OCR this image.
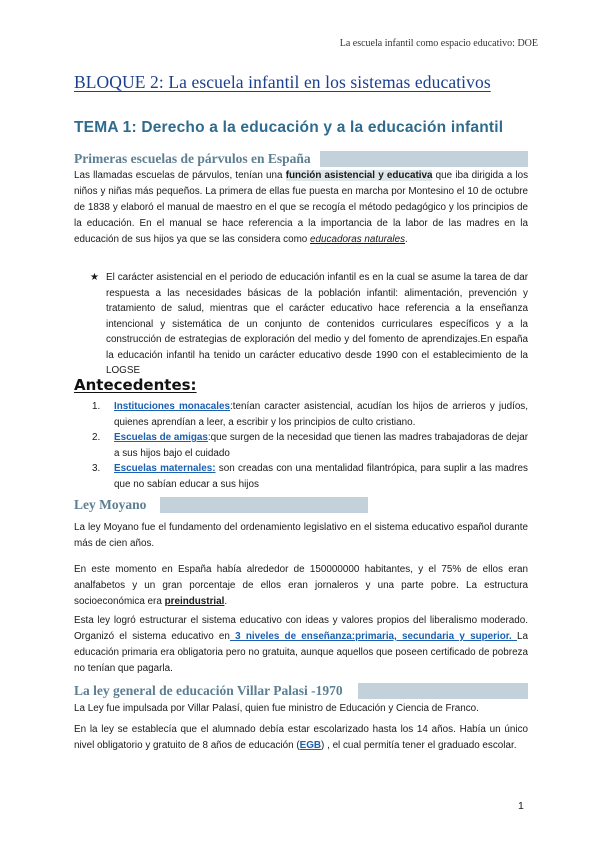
La escuela infantil como espacio educativo: DOE
BLOQUE 2: La escuela infantil en los sistemas educativos
TEMA 1: Derecho a la educación y a la educación infantil
Primeras escuelas de párvulos en España
Las llamadas escuelas de párvulos, tenían una función asistencial y educativa que iba dirigida a los niños y niñas más pequeños. La primera de ellas fue puesta en marcha por Montesino el 10 de octubre de 1838 y elaboró el manual de maestro en el que se recogía el método pedagógico y los principios de la educación. En el manual se hace referencia a la importancia de la labor de las madres en la educación de sus hijos ya que se las considera como educadoras naturales.
★ El carácter asistencial en el periodo de educación infantil es en la cual se asume la tarea de dar respuesta a las necesidades básicas de la población infantil: alimentación, prevención y tratamiento de salud, mientras que el carácter educativo hace referencia a la enseñanza intencional y sistemática de un conjunto de contenidos curriculares específicos y a la construcción de estrategias de exploración del medio y del fomento de aprendizajes.En españa la educación infantil ha tenido un carácter educativo desde 1990 con el establecimiento de la LOGSE
Antecedentes:
1.	Instituciones monacales:tenían caracter asistencial, acudían los hijos de arrieros y judíos, quienes aprendían a leer, a escribir y los principios de culto cristiano.
2.	Escuelas de amigas:que surgen de la necesidad que tienen las madres trabajadoras de dejar a sus hijos bajo el cuidado
3.	Escuelas maternales: son creadas con una mentalidad filantrópica, para suplir a las madres que no sabían educar a sus hijos
Ley Moyano
La ley Moyano fue el fundamento del ordenamiento legislativo en el sistema educativo español durante más de cien años.
En este momento en España había alrededor de 150000000 habitantes, y el 75% de ellos eran analfabetos y un gran porcentaje de ellos eran jornaleros y una parte pobre. La estructura socioeconómica era preindustrial.
Esta ley logró estructurar el sistema educativo con ideas y valores propios del liberalismo moderado. Organizó el sistema educativo en 3 niveles de enseñanza:primaria, secundaria y superior. La educación primaria era obligatoria pero no gratuita, aunque aquellos que poseen certificado de pobreza no tenían que pagarla.
La ley general de educación Villar Palasi -1970
La Ley fue impulsada por Villar Palasí, quien fue ministro de Educación y Ciencia de Franco.
En la ley se establecía que el alumnado debía estar escolarizado hasta los 14 años. Había un único nivel obligatorio y gratuito de 8 años de educación (EGB) , el cual permitía tener el graduado escolar.
1
